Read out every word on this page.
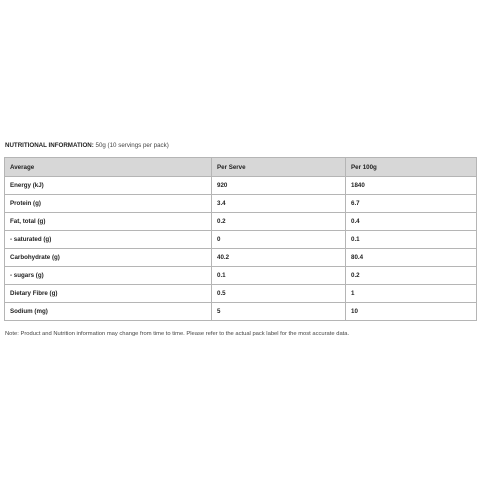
NUTRITIONAL INFORMATION: 50g (10 servings per pack)
Average	Per Serve	Per 100g
Energy (kJ)	920	1840
Protein (g)	3.4	6.7
Fat, total (g)	0.2	0.4
- saturated (g)	0	0.1
Carbohydrate (g)	40.2	80.4
- sugars (g)	0.1	0.2
Dietary Fibre (g)	0.5	1
Sodium (mg)	5	10
Note: Product and Nutrition information may change from time to time. Please refer to the actual pack label for the most accurate data.
